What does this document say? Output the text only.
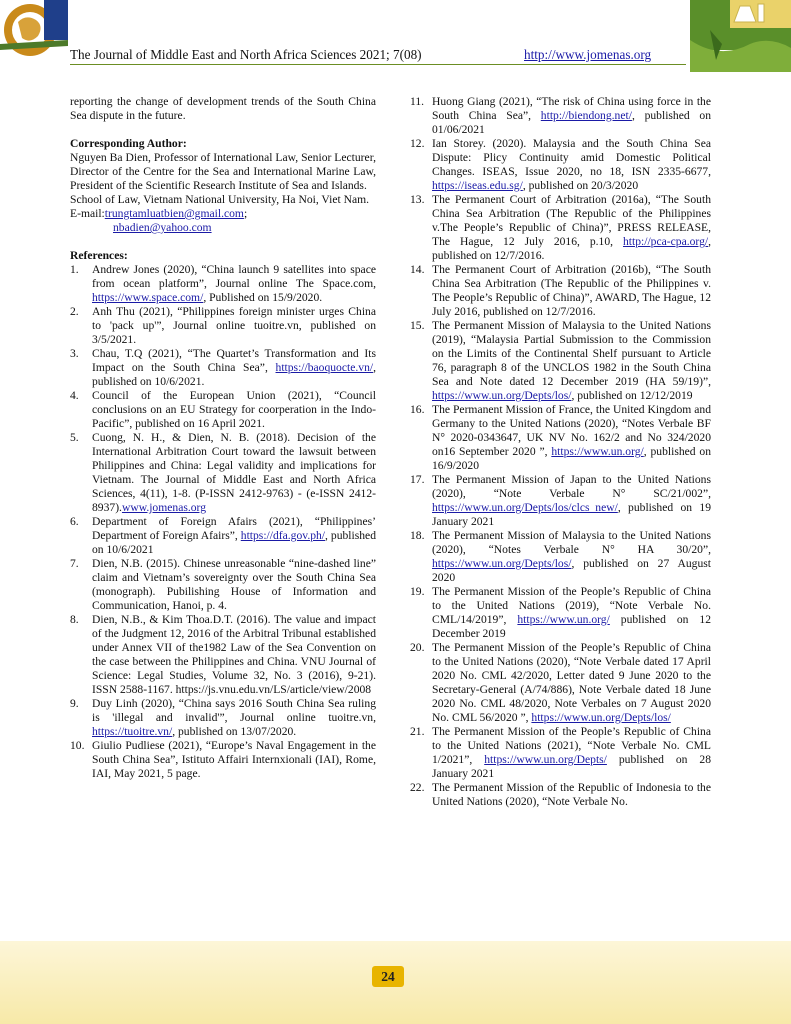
The Journal of Middle East and North Africa Sciences 2021; 7(08)	http://www.jomenas.org

reporting the change of development trends of the South China Sea dispute in the future.

Corresponding Author:

Nguyen Ba Dien, Professor of International Law, Senior Lecturer, Director of the Centre for the Sea and International Marine Law, President of the Scientific Research Institute of Sea and Islands.

School of Law, Vietnam National University, Ha Noi, Viet Nam.

E-mail:trungtamluatbien@gmail.com;

nbadien@yahoo.com

References:

1.	Andrew Jones (2020), “China launch 9 satellites into space from ocean platform”, Journal online The Space.com, https://www.space.com/, Published on 15/9/2020.
2.	Anh Thu (2021), “Philippines foreign minister urges China to 'pack up'”, Journal online tuoitre.vn, published on 3/5/2021.
3.	Chau, T.Q (2021), “The Quartet’s Transformation and Its Impact on the South China Sea”, https://baoquocte.vn/, published on 10/6/2021.
4.	Council of the European Union (2021), “Council conclusions on an EU Strategy for coorperation in the Indo-Pacific”, published on 16 April 2021.
5.	Cuong, N. H., & Dien, N. B. (2018). Decision of the International Arbitration Court toward the lawsuit between Philippines and China: Legal validity and implications for Vietnam. The Journal of Middle East and North Africa Sciences, 4(11), 1-8. (P-ISSN 2412-9763) - (e-ISSN 2412-8937).www.jomenas.org
6.	Department of Foreign Afairs (2021), “Philippines’ Department of Foreign Afairs”, https://dfa.gov.ph/, published on 10/6/2021
7.	Dien, N.B. (2015). Chinese unreasonable “nine-dashed line” claim and Vietnam’s sovereignty over the South China Sea (monograph). Pubilishing House of Information and Communication, Hanoi, p. 4.
8.	Dien, N.B., & Kim Thoa.D.T. (2016). The value and impact of the Judgment 12, 2016 of the Arbitral Tribunal established under Annex VII of the1982 Law of the Sea Convention on the case between the Philippines and China. VNU Journal of Science: Legal Studies, Volume 32, No. 3 (2016), 9-21). ISSN 2588-1167. https://js.vnu.edu.vn/LS/article/view/2008
9.	Duy Linh (2020), “China says 2016 South China Sea ruling is 'illegal and invalid'”, Journal online tuoitre.vn, https://tuoitre.vn/, published on 13/07/2020.
10. Giulio Pudliese (2021), “Europe’s Naval Engagement in the South China Sea”, Istituto Affairi Internxionali (IAI), Rome, IAI, May 2021, 5 page.
11. Huong Giang (2021), “The risk of China using force in the South China Sea”, http://biendong.net/, published on 01/06/2021
12. Ian Storey. (2020). Malaysia and the South China Sea Dispute: Plicy Continuity amid Domestic Political Changes. ISEAS, Issue 2020, no 18, ISN 2335-6677, https://iseas.edu.sg/, published on 20/3/2020
13. The Permanent Court of Arbitration (2016a), “The South China Sea Arbitration (The Republic of the Philippines v.The People’s Republic of China)”, PRESS RELEASE, The Hague, 12 July 2016, p.10, http://pca-cpa.org/, published on 12/7/2016.
14. The Permanent Court of Arbitration (2016b), “The South China Sea Arbitration (The Republic of the Philippines v. The People’s Republic of China)”, AWARD, The Hague, 12 July 2016, published on 12/7/2016.
15. The Permanent Mission of Malaysia to the United Nations (2019), “Malaysia Partial Submission to the Commission on the Limits of the Continental Shelf pursuant to Article 76, paragraph 8 of the UNCLOS 1982 in the South China Sea and Note dated 12 December 2019 (HA 59/19)”, https://www.un.org/Depts/los/, published on 12/12/2019
16. The Permanent Mission of France, the United Kingdom and Germany to the United Nations (2020), “Notes Verbale BF N° 2020-0343647, UK NV No. 162/2 and No 324/2020 on16 September 2020 ”, https://www.un.org/, published on 16/9/2020
17. The Permanent Mission of Japan to the United Nations (2020), “Note Verbale N° SC/21/002”, https://www.un.org/Depts/los/clcs_new/, published on 19 January 2021
18. The Permanent Mission of Malaysia to the United Nations (2020), “Notes Verbale N° HA 30/20”, https://www.un.org/Depts/los/, published on 27 August 2020
19. The Permanent Mission of the People’s Republic of China to the United Nations (2019), “Note Verbale No. CML/14/2019”, https://www.un.org/ published on 12 December 2019
20. The Permanent Mission of the People’s Republic of China to the United Nations (2020), “Note Verbale dated 17 April 2020 No. CML 42/2020, Letter dated 9 June 2020 to the Secretary-General (A/74/886), Note Verbale dated 18 June 2020 No. CML 48/2020, Note Verbales on 7 August 2020 No. CML 56/2020 ”, https://www.un.org/Depts/los/
21. The Permanent Mission of the People’s Republic of China to the United Nations (2021), “Note Verbale No. CML 1/2021”, https://www.un.org/Depts/ published on 28 January 2021
22. The Permanent Mission of the Republic of Indonesia to the United Nations (2020), “Note Verbale No.
24
